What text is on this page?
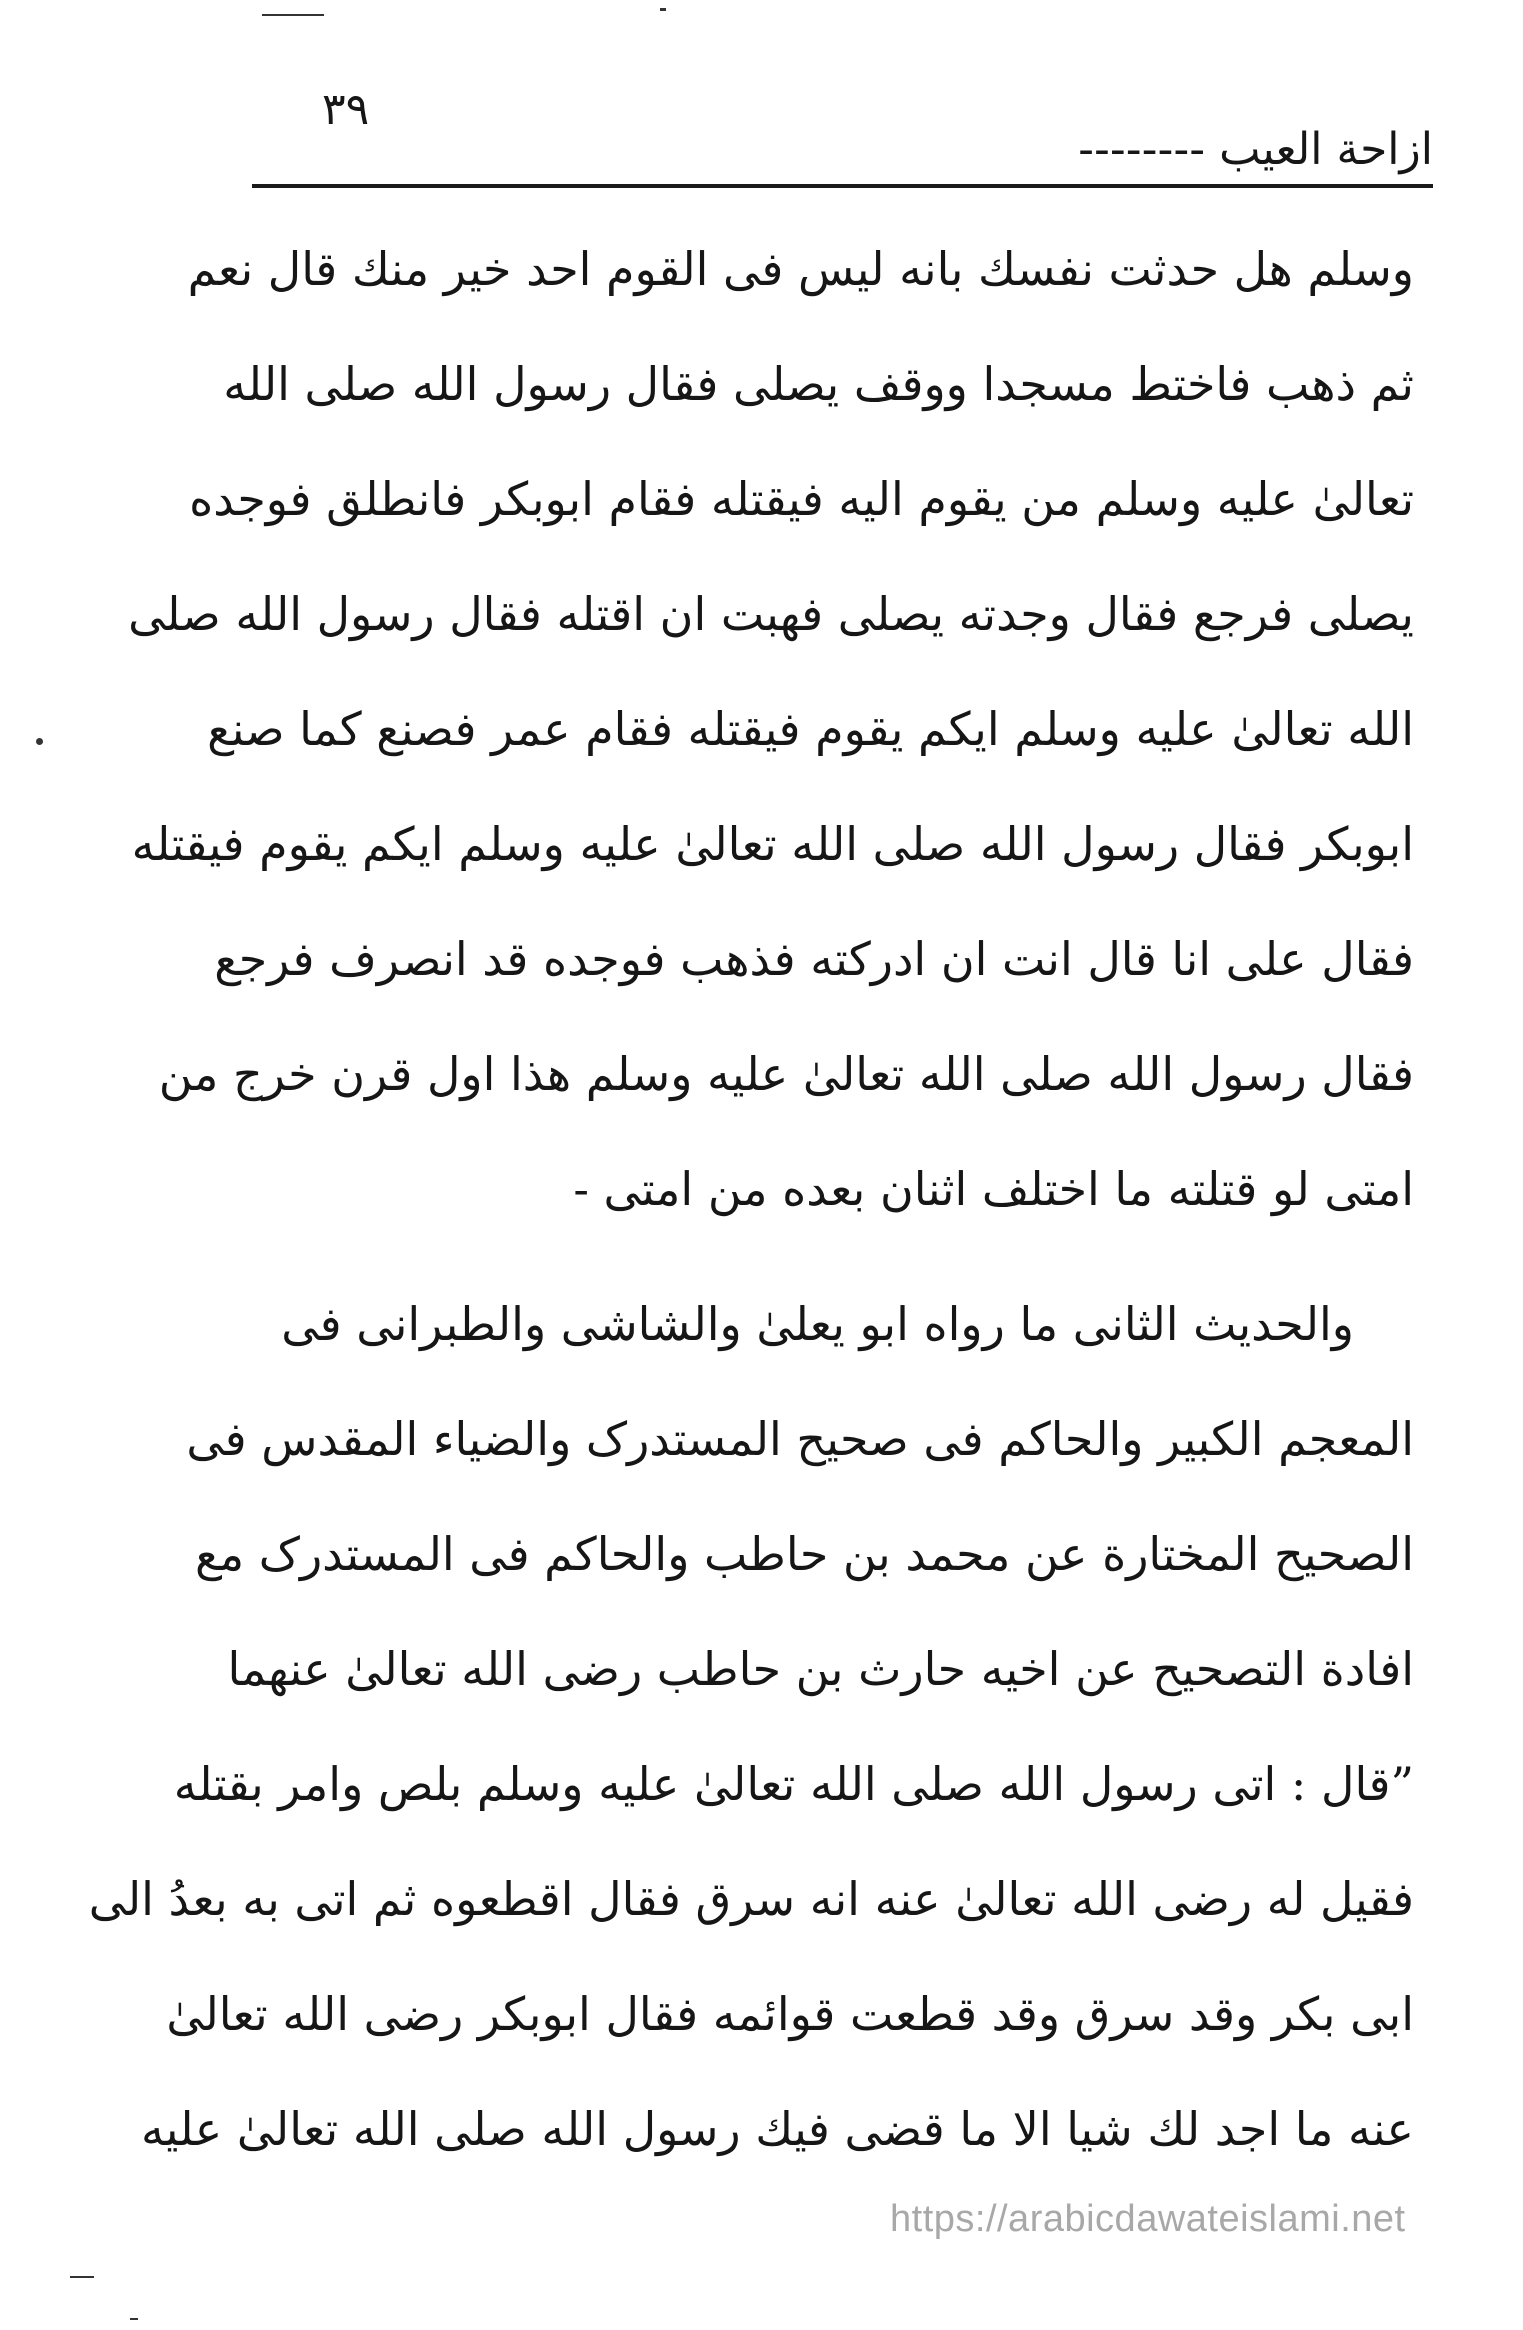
٣٩
ازاحة العيب --------
وسلم هل حدثت نفسك بانه ليس فی القوم احد خير منك قال نعم
ثم ذهب فاختط مسجدا ووقف يصلی فقال رسول الله صلی الله
تعالیٰ عليه وسلم من يقوم اليه فيقتله فقام ابوبکر فانطلق فوجده
يصلی فرجع فقال وجدته يصلی فهبت ان اقتله فقال رسول الله صلی
الله تعالیٰ عليه وسلم ايکم يقوم فيقتله فقام عمر فصنع کما صنع
ابوبکر فقال رسول الله صلی الله تعالیٰ عليه وسلم ايکم يقوم فيقتله
فقال علی انا قال انت ان ادرکته فذهب فوجده قد انصرف فرجع
فقال رسول الله صلی الله تعالیٰ عليه وسلم هذا اول قرن خرج من
امتی لو قتلته ما اختلف اثنان بعده من امتی -
والحديث الثانی ما رواه ابو يعلیٰ والشاشی والطبرانی فی
المعجم الکبير والحاکم فی صحيح المستدرک والضياء المقدس فی
الصحيح المختارة عن محمد بن حاطب والحاکم فی المستدرک مع
افادة التصحيح عن اخيه حارث بن حاطب رضی الله تعالیٰ عنهما
”قال : اتی رسول الله صلی الله تعالیٰ عليه وسلم بلص وامر بقتله
فقيل له رضی الله تعالیٰ عنه انه سرق فقال اقطعوه ثم اتی به بعدُ الی
ابی بکر وقد سرق وقد قطعت قوائمه فقال ابوبکر رضی الله تعالیٰ
عنه ما اجد لك شيا الا ما قضی فيك رسول الله صلی الله تعالیٰ عليه
https://arabicdawateislami.net
